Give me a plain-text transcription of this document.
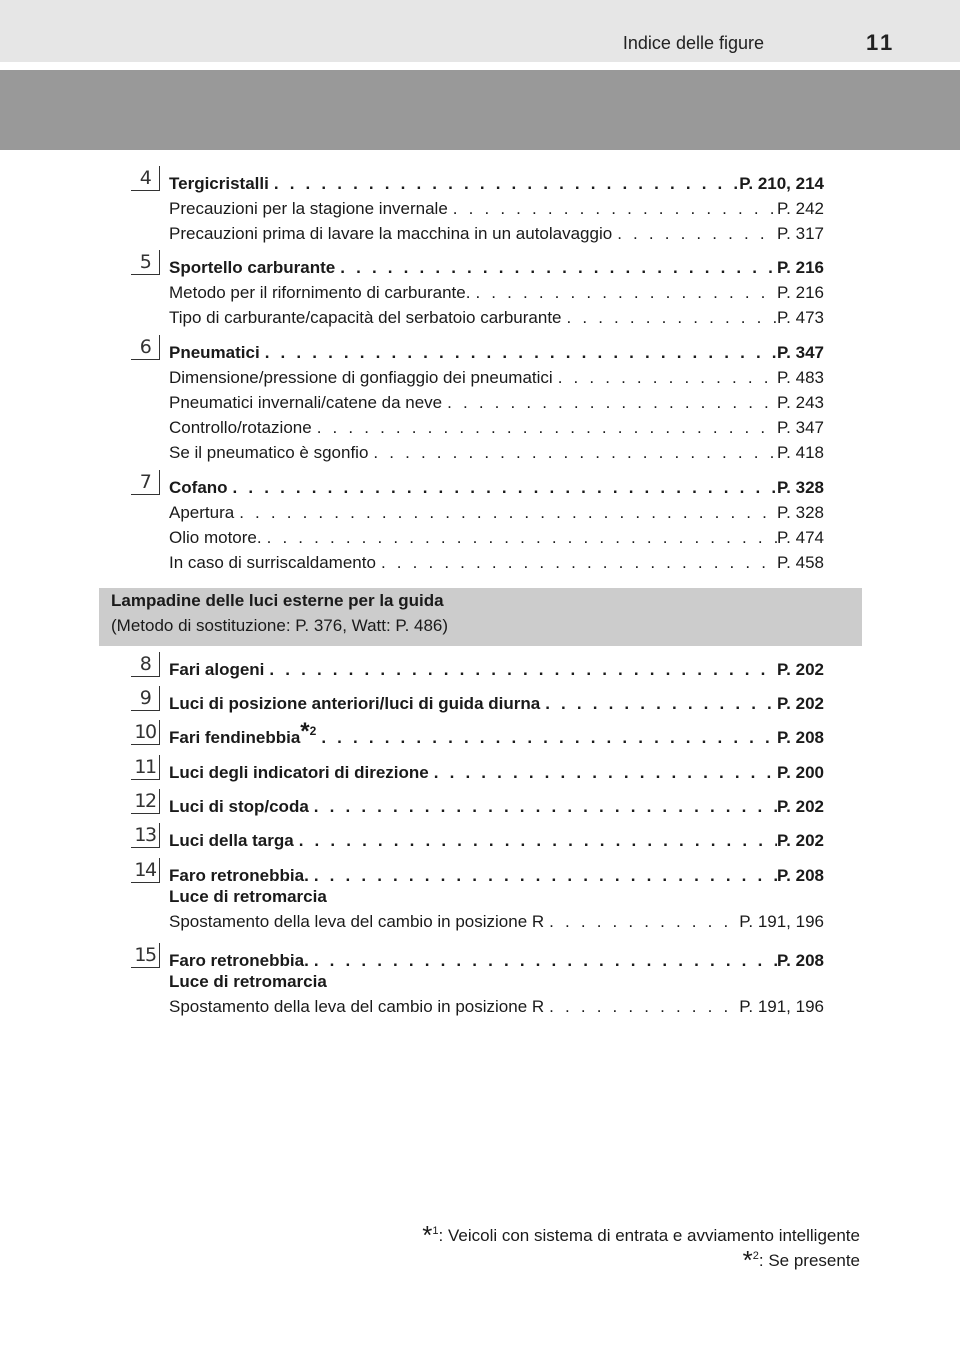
Indice delle figure	11
4	Tergicristalli . . .	P. 210, 214
Precauzioni per la stagione invernale . . .	P. 242
Precauzioni prima di lavare la macchina in un autolavaggio . . .	P. 317
5	Sportello carburante . . .	P. 216
Metodo per il rifornimento di carburante. . . .	P. 216
Tipo di carburante/capacità del serbatoio carburante . . .	P. 473
6	Pneumatici . . .	P. 347
Dimensione/pressione di gonfiaggio dei pneumatici . . .	P. 483
Pneumatici invernali/catene da neve . . .	P. 243
Controllo/rotazione . . .	P. 347
Se il pneumatico è sgonfio . . .	P. 418
7	Cofano . . .	P. 328
Apertura . . .	P. 328
Olio motore. . . .	P. 474
In caso di surriscaldamento . . .	P. 458
Lampadine delle luci esterne per la guida
(Metodo di sostituzione: P. 376, Watt: P. 486)
8	Fari alogeni . . .	P. 202
9	Luci di posizione anteriori/luci di guida diurna . . .	P. 202
10 Fari fendinebbia*$^2$ . . .	P. 208
11 Luci degli indicatori di direzione . . .	P. 200
12 Luci di stop/coda . . .	P. 202
13 Luci della targa . . .	P. 202
14 Faro retronebbia. . . .	P. 208
Luce di retromarcia
Spostamento della leva del cambio in posizione R . . .	P. 191, 196
15 Faro retronebbia. . . .	P. 208
Luce di retromarcia
Spostamento della leva del cambio in posizione R . . .	P. 191, 196
*$^1$: Veicoli con sistema di entrata e avviamento intelligente
*$^2$: Se presente
